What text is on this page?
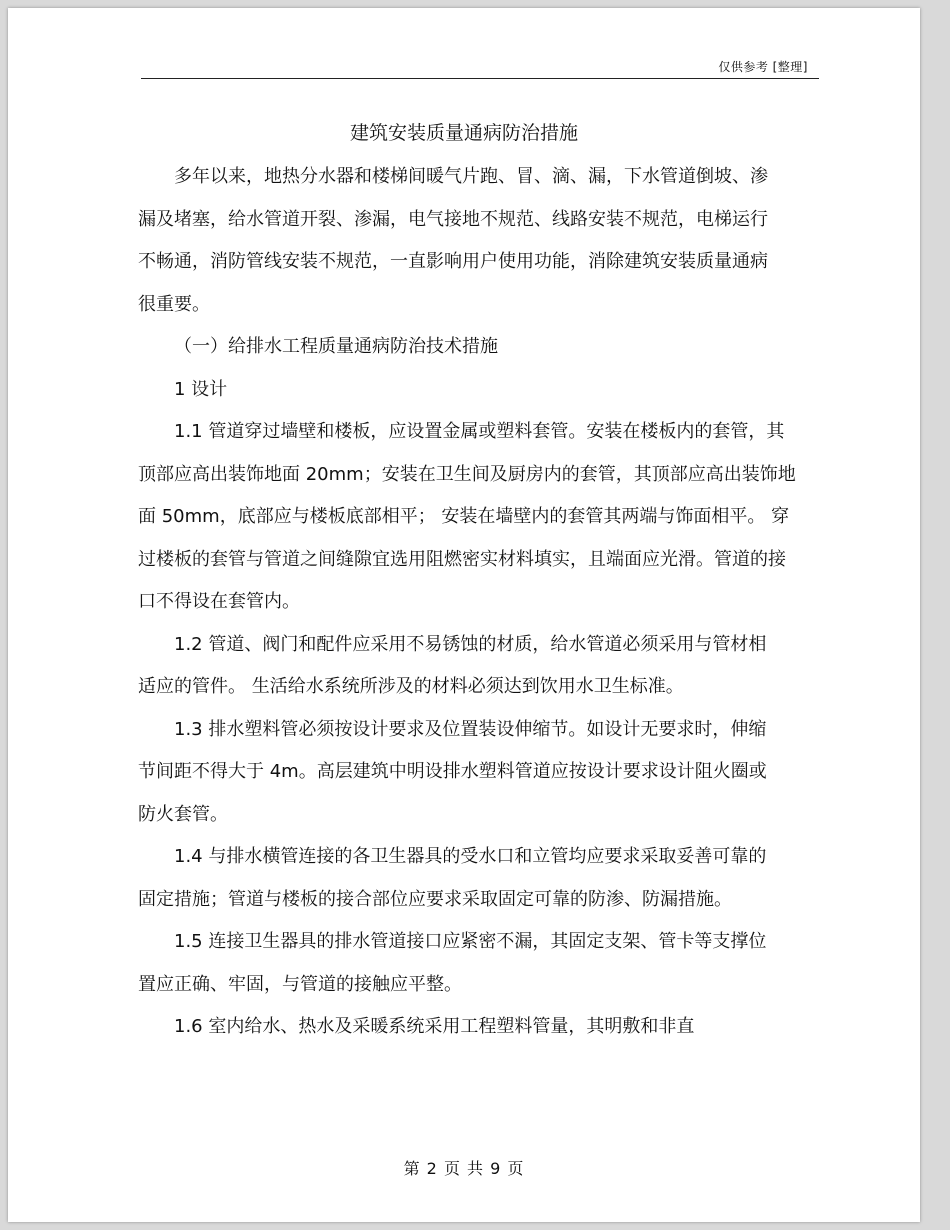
仅供参考 [整理]
建筑安装质量通病防治措施

多年以来，地热分水器和楼梯间暖气片跑、冒、滴、漏，下水管道倒坡、渗漏及堵塞，给水管道开裂、渗漏，电气接地不规范、线路安装不规范，电梯运行不畅通，消防管线安装不规范，一直影响用户使用功能，消除建筑安装质量通病很重要。

（一）给排水工程质量通病防治技术措施

1 设计

1.1 管道穿过墙壁和楼板，应设置金属或塑料套管。安装在楼板内的套管，其顶部应高出装饰地面 20mm；安装在卫生间及厨房内的套管，其顶部应高出装饰地面 50mm，底部应与楼板底部相平； 安装在墙壁内的套管其两端与饰面相平。 穿过楼板的套管与管道之间缝隙宜选用阻燃密实材料填实，且端面应光滑。管道的接口不得设在套管内。

1.2 管道、阀门和配件应采用不易锈蚀的材质，给水管道必须采用与管材相适应的管件。 生活给水系统所涉及的材料必须达到饮用水卫生标准。

1.3 排水塑料管必须按设计要求及位置装设伸缩节。如设计无要求时，伸缩节间距不得大于 4m。高层建筑中明设排水塑料管道应按设计要求设计阻火圈或防火套管。

1.4 与排水横管连接的各卫生器具的受水口和立管均应要求采取妥善可靠的固定措施；管道与楼板的接合部位应要求采取固定可靠的防渗、防漏措施。

1.5 连接卫生器具的排水管道接口应紧密不漏，其固定支架、管卡等支撑位置应正确、牢固，与管道的接触应平整。

1.6 室内给水、热水及采暖系统采用工程塑料管量，其明敷和非直

第 2 页 共 9 页
